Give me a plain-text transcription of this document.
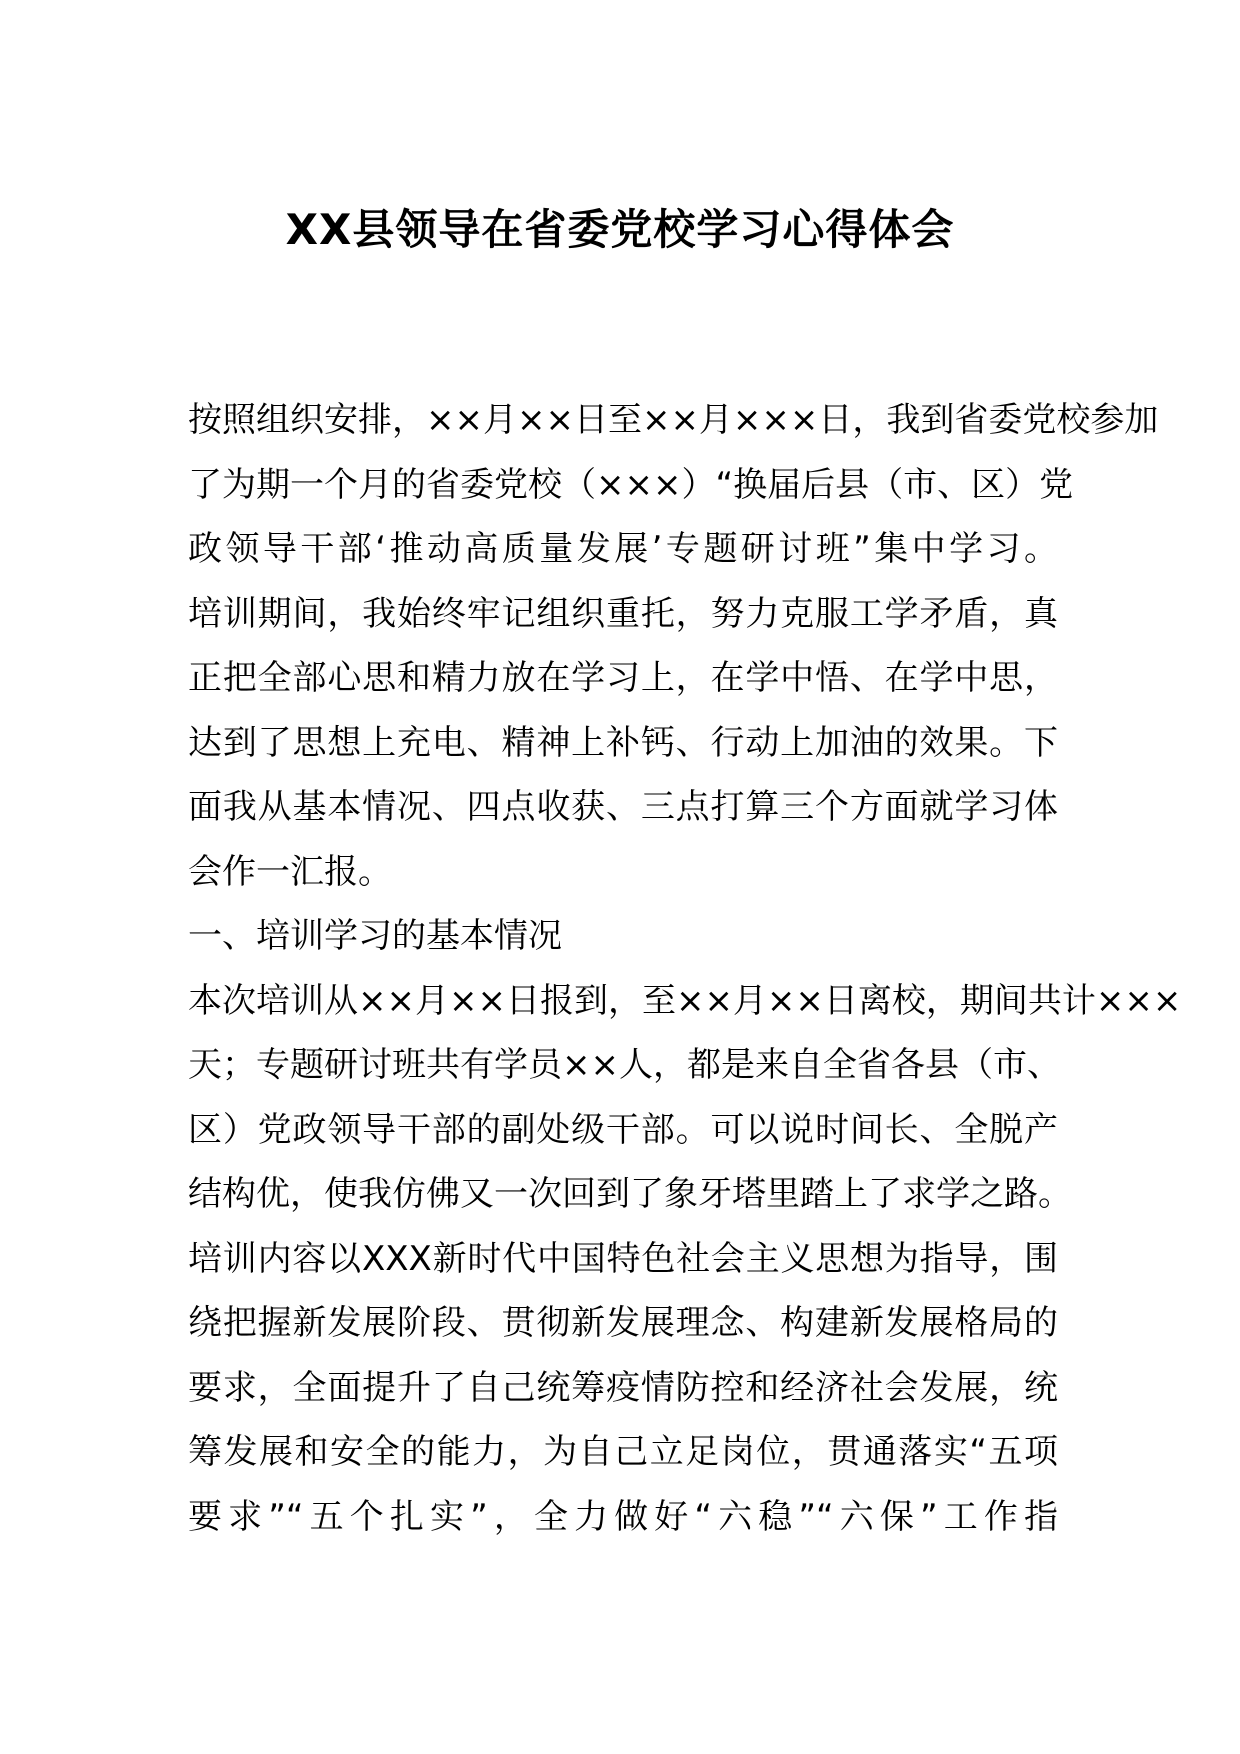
XX县领导在省委党校学习心得体会
按照组织安排，××月××日至××月×××日，我到省委党校参加
了为期一个月的省委党校（×××）“换届后县（市、区）党
政领导干部‘推动高质量发展’专题研讨班”集中学习。
培训期间，我始终牢记组织重托，努力克服工学矛盾，真
正把全部心思和精力放在学习上，在学中悟、在学中思，
达到了思想上充电、精神上补钙、行动上加油的效果。下
面我从基本情况、四点收获、三点打算三个方面就学习体
会作一汇报。
一、培训学习的基本情况
本次培训从××月××日报到，至××月××日离校，期间共计×××
天；专题研讨班共有学员××人，都是来自全省各县（市、
区）党政领导干部的副处级干部。可以说时间长、全脱产
结构优，使我仿佛又一次回到了象牙塔里踏上了求学之路。
培训内容以XXX新时代中国特色社会主义思想为指导，围
绕把握新发展阶段、贯彻新发展理念、构建新发展格局的
要求，全面提升了自己统筹疫情防控和经济社会发展，统
筹发展和安全的能力，为自己立足岗位，贯通落实“五项
要求”“五个扎实”，全力做好“六稳”“六保”工作指
